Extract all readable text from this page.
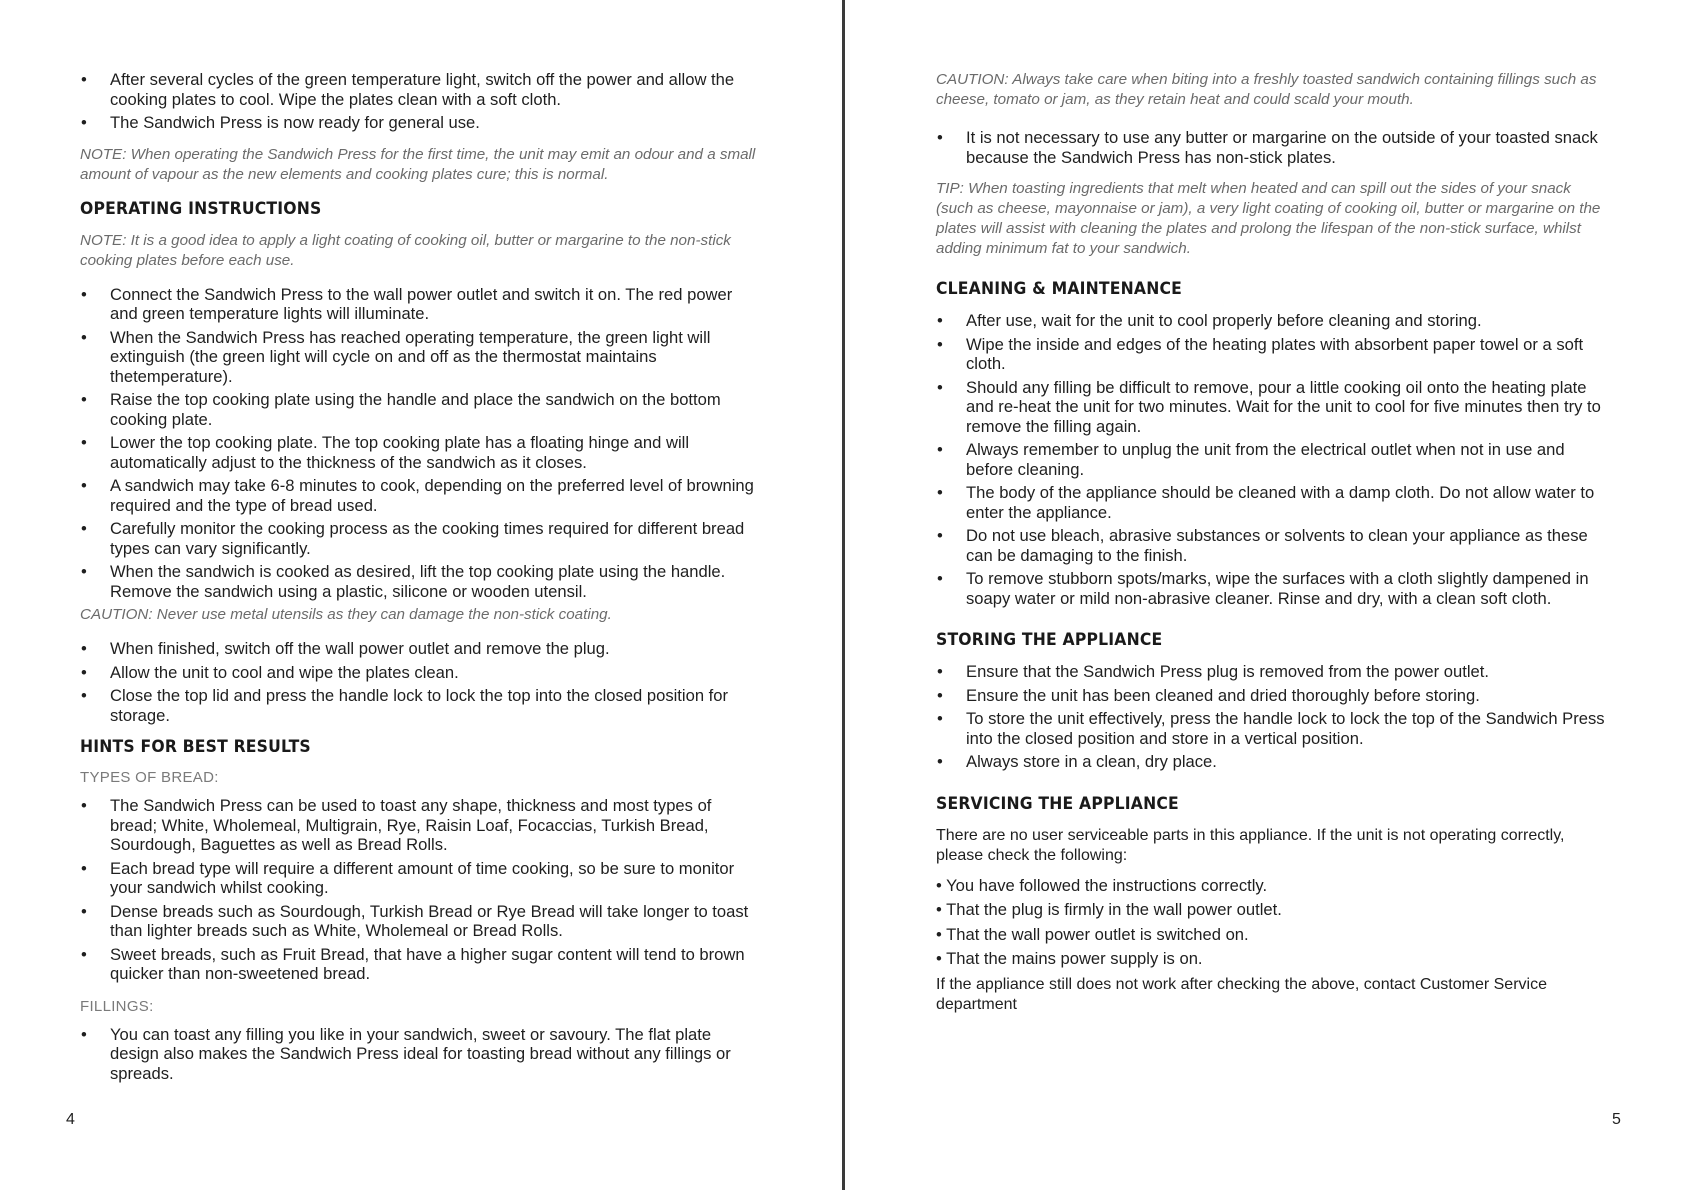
• After several cycles of the green temperature light, switch off the power and allow the cooking plates to cool. Wipe the plates clean with a soft cloth.
• The Sandwich Press is now ready for general use.
NOTE: When operating the Sandwich Press for the first time, the unit may emit an odour and a small amount of vapour as the new elements and cooking plates cure; this is normal.
OPERATING INSTRUCTIONS
NOTE: It is a good idea to apply a light coating of cooking oil, butter or margarine to the non-stick cooking plates before each use.
• Connect the Sandwich Press to the wall power outlet and switch it on. The red power and green temperature lights will illuminate.
• When the Sandwich Press has reached operating temperature, the green light will extinguish (the green light will cycle on and off as the thermostat maintains thetemperature).
• Raise the top cooking plate using the handle and place the sandwich on the bottom cooking plate.
• Lower the top cooking plate. The top cooking plate has a floating hinge and will automatically adjust to the thickness of the sandwich as it closes.
• A sandwich may take 6-8 minutes to cook, depending on the preferred level of browning required and the type of bread used.
• Carefully monitor the cooking process as the cooking times required for different bread types can vary significantly.
• When the sandwich is cooked as desired, lift the top cooking plate using the handle. Remove the sandwich using a plastic, silicone or wooden utensil.
CAUTION: Never use metal utensils as they can damage the non-stick coating.
• When finished, switch off the wall power outlet and remove the plug.
• Allow the unit to cool and wipe the plates clean.
• Close the top lid and press the handle lock to lock the top into the closed position for storage.
HINTS FOR BEST RESULTS
TYPES OF BREAD:
• The Sandwich Press can be used to toast any shape, thickness and most types of bread; White, Wholemeal, Multigrain, Rye, Raisin Loaf, Focaccias, Turkish Bread, Sourdough, Baguettes as well as Bread Rolls.
• Each bread type will require a different amount of time cooking, so be sure to monitor your sandwich whilst cooking.
• Dense breads such as Sourdough, Turkish Bread or Rye Bread will take longer to toast than lighter breads such as White, Wholemeal or Bread Rolls.
• Sweet breads, such as Fruit Bread, that have a higher sugar content will tend to brown quicker than non-sweetened bread.
FILLINGS:
• You can toast any filling you like in your sandwich, sweet or savoury. The flat plate design also makes the Sandwich Press ideal for toasting bread without any fillings or spreads.
4
CAUTION: Always take care when biting into a freshly toasted sandwich containing fillings such as cheese, tomato or jam, as they retain heat and could scald your mouth.
• It is not necessary to use any butter or margarine on the outside of your toasted snack because the Sandwich Press has non-stick plates.
TIP: When toasting ingredients that melt when heated and can spill out the sides of your snack (such as cheese, mayonnaise or jam), a very light coating of cooking oil, butter or margarine on the plates will assist with cleaning the plates and prolong the lifespan of the non-stick surface, whilst adding minimum fat to your sandwich.
CLEANING & MAINTENANCE
• After use, wait for the unit to cool properly before cleaning and storing.
• Wipe the inside and edges of the heating plates with absorbent paper towel or a soft cloth.
• Should any filling be difficult to remove, pour a little cooking oil onto the heating plate and re-heat the unit for two minutes. Wait for the unit to cool for five minutes then try to remove the filling again.
• Always remember to unplug the unit from the electrical outlet when not in use and before cleaning.
• The body of the appliance should be cleaned with a damp cloth. Do not allow water to enter the appliance.
• Do not use bleach, abrasive substances or solvents to clean your appliance as these can be damaging to the finish.
• To remove stubborn spots/marks, wipe the surfaces with a cloth slightly dampened in soapy water or mild non-abrasive cleaner. Rinse and dry, with a clean soft cloth.
STORING THE APPLIANCE
• Ensure that the Sandwich Press plug is removed from the power outlet.
• Ensure the unit has been cleaned and dried thoroughly before storing.
• To store the unit effectively, press the handle lock to lock the top of the Sandwich Press into the closed position and store in a vertical position.
• Always store in a clean, dry place.
SERVICING THE APPLIANCE
There are no user serviceable parts in this appliance. If the unit is not operating correctly, please check the following:
• You have followed the instructions correctly.
• That the plug is firmly in the wall power outlet.
• That the wall power outlet is switched on.
• That the mains power supply is on.
If the appliance still does not work after checking the above, contact Customer Service department
5
